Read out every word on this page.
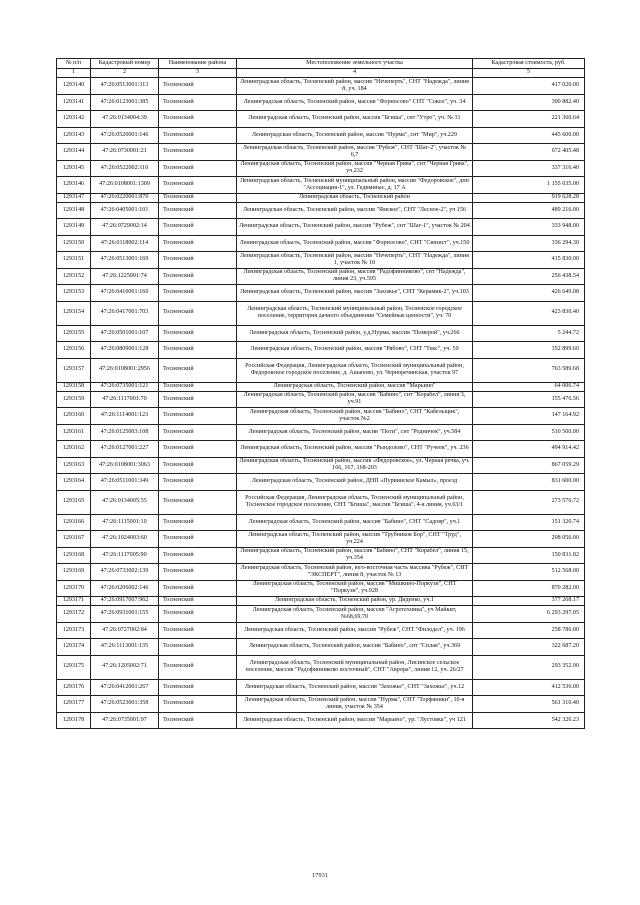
№ п/п	Кадастровый номер	Наименование района	Местоположение земельного участка	Кадастровая стоимость, руб.
1	2	3	4	5
1293140	47:26:0513001:313	Тосненский	Ленинградская область, Тосненский район, массив "Нечеперть", СНТ "Надежда", линия 8, уч. 184	417 020.00
1293141	47:26:0123001:385	Тосненский	Ленинградская область, Тосненский район, массив "Форносово" СНТ "Сокол", уч. 34	300 882.40
1293142	47:26:0134004:39	Тосненский	Ленинградская область, Тосненский район, массив "Бгиша", снт "Утро", уч. № 31	221 360.64
1293143	47:26:0520001:146	Тосненский	Ленинградская область, Тосненский район, массив "Нурма", снт "Мир", уч.229	445 600.00
1293144	47:26:0730001:21	Тосненский	Ленинградская область, Тосненский район, массив "Рубеж", СНТ "Шаг-2", участок № 6,7	672 405.48
1293145	47:26:0522002:110	Тосненский	Ленинградская область, Тосненский район, массив "Черная Грива", снт "Черная Грива", уч.232	337 316.40
1293146	47:26:0108001:1309	Тосненский	Ленинградская область, Тосненский муниципальный район, массив "Федоровское", днп "Ассоциация-1", ул. Гедиминас, д. 17 А	1 155 035.00
1293147	47:26:0220001:870	Тосненский	Ленинградская область, Тосненский район	919 628.28
1293148	47:26:0405001:101	Тосненский	Ленинградская область, Тосненский район, массив "Ямское", СНТ "Лесное-2", уч 156	489 216.00
1293149	47:26:0729002:14	Тосненский	Ленинградская область, Тосненский район, массив "Рубеж", снт "Шаг-1", участок № 204	333 948.00
1293150	47:26:0118002:114	Тосненский	Ленинградская область, Тосненский район, массив "Форносово", СНТ "Связист", уч.150	336 294.30
1293151	47:26:0513001:169	Тосненский	Ленинградская область, Тосненский район, массив "Нечеперть", СНТ "Надежда", линия 1, участок № 10	415 830.00
1293152	47:26:1225001:74	Тосненский	Ленинградская область, Тосненский район, массив "Радофинниково", снт "Надежда", линия 23, уч.595	256 438.54
1293153	47:26:0410001:160	Тосненский	Ленинградская область, Тосненский район, массив "Захожье", СНТ "Керамик-2", уч.103	426 649.08
1293154	47:26:0417001:703	Тосненский	Ленинградская область, Тосненский муниципальный район, Тосненское городское поселение, территория дачного объединения "Семейные ценности", уч. 70	423 830.40
1293155	47:26:0501001:107	Тосненский	Ленинградская область, Тосненский район, у.д.Нурма, массив "Померой", уч.266	5 244.72
1293156	47:26:0809001:128	Тосненский	Ленинградская область, Тосненский район, массив "Рябово", СНТ "Текс", уч. 59	352 899.60
1293157	47:26:0108001:2956	Тосненский	Российская Федерация, Ленинградская область, Тосненский муниципальный район, Федоровское городское поселение, д. Ашапово, ул. Черноречинская, участок 97	763 589.68
1293158	47:26:0735001:121	Тосненский	Ленинградская область, Тосненский район, массив "Марьино"	64 006.74
1293159	47:26:1117001:70	Тосненский	Ленинградская область, Тосненский район, массив "Бабино", снт "Корабел", линия 3, уч.91	155 476.56
1293160	47:26:1114001:123	Тосненский	Ленинградская область, Тосненский район, массив "Бабино", СНТ "Кабельщик", участок №2	147 164.92
1293161	47:26:0125003:108	Тосненский	Ленинградская область, Тосненский район, масив "Поги", снт "Родничок", уч.584	510 500.00
1293162	47:26:0127001:227	Тосненский	Ленинградская область, Тосненский район, массив "Рындолово", СНТ "Ручеек", уч. 236	494 914.42
1293163	47:26:0108001:3063	Тосненский	Ленинградская область, Тосненский район, массив «Федоровское», ул. Черная речка, уч. 166, 167, 168-203	867 059.29
1293164	47:26:0511001:349	Тосненский	Ленинградская область, Тосненский район, ДНП «Пурвинское Камыл», проезд	831 600.00
1293165	47:26:0134005:55	Тосненский	Российская Федерация, Ленинградская область, Тосненский муниципальный район, Тосненское городское поселение, СНТ "Бгиша", массив "Бгиша", 4-я линия, уч.63/1	273 576.72
1293166	47:26:1115001:10	Тосненский	Ленинградская область, Тосненский район, массив "Бабино", СНТ "Садовр", уч.1	151 320.74
1293167	47:26:1024003:60	Тосненский	Ленинградская область, Тосненский район, массив "Трубников Бор", СНТ "Труд", уч.224	208 056.00
1293168	47:26:1117005:90	Тосненский	Ленинградская область, Тосненский район, массив "Бабино", СНТ "Корабел", линия 15, уч.354	150 831.82
1293169	47:26:0733002:139	Тосненский	Ленинградская область, Тосненский район, юго-восточная часть массива "Рубеж", СНТ "ЭКСПЕРТ", линия 8, участок № 13	512 568.00
1293170	47:26:0206002:146	Тосненский	Ленинградская область, Тосненский район, массив "Мишкино-Поркузи", СНТ "Поркузи", уч.928	870 282.00
1293171	47:26:0917007:962	Тосненский	Ленинградская область, Тосненский район, ур. Диденко, уч.1	377 268.17
1293172	47:26:0931001:155	Тосненский	Ленинградская область, Тосненский район, массив "Агротехника", уч Майкит, №68,69,70	6 293 297.05
1293173	47:26:0727002:84	Тосненский	Ленинградская область, Тосненский район, массив "Рубеж", СНТ "Филодел", уч. 196	258 786.00
1293174	47:26:1113001:135	Тосненский	Ленинградская область, Тосненский район, массив "Бабино", снт "Сплав", уч.369	322 687.20
1293175	47:26:1205002:71	Тосненский	Ленинградская область, Тосненский муниципальный район, Лисинское сельское поселение, массив "Радофинниково восточный", СНТ "Аврора", линия 12, уч. 26/27	293 352.00
1293176	47:26:0412001:267	Тосненский	Ленинградская область, Тосненский район, массив "Захожье", СНТ "Захожье", уч.12	412 536.00
1293177	47:26:0523001:358	Тосненский	Ленинградская область, Тосненский район, массив "Нурма", СНТ "Торфяники", 10-я линия, участок № 354	561 310.40
1293178	47:26:0735001:97	Тосненский	Ленинградская область, Тосненский район, массив "Марьино", ур. "Лустовка", уч 121	542 326.23
17931
